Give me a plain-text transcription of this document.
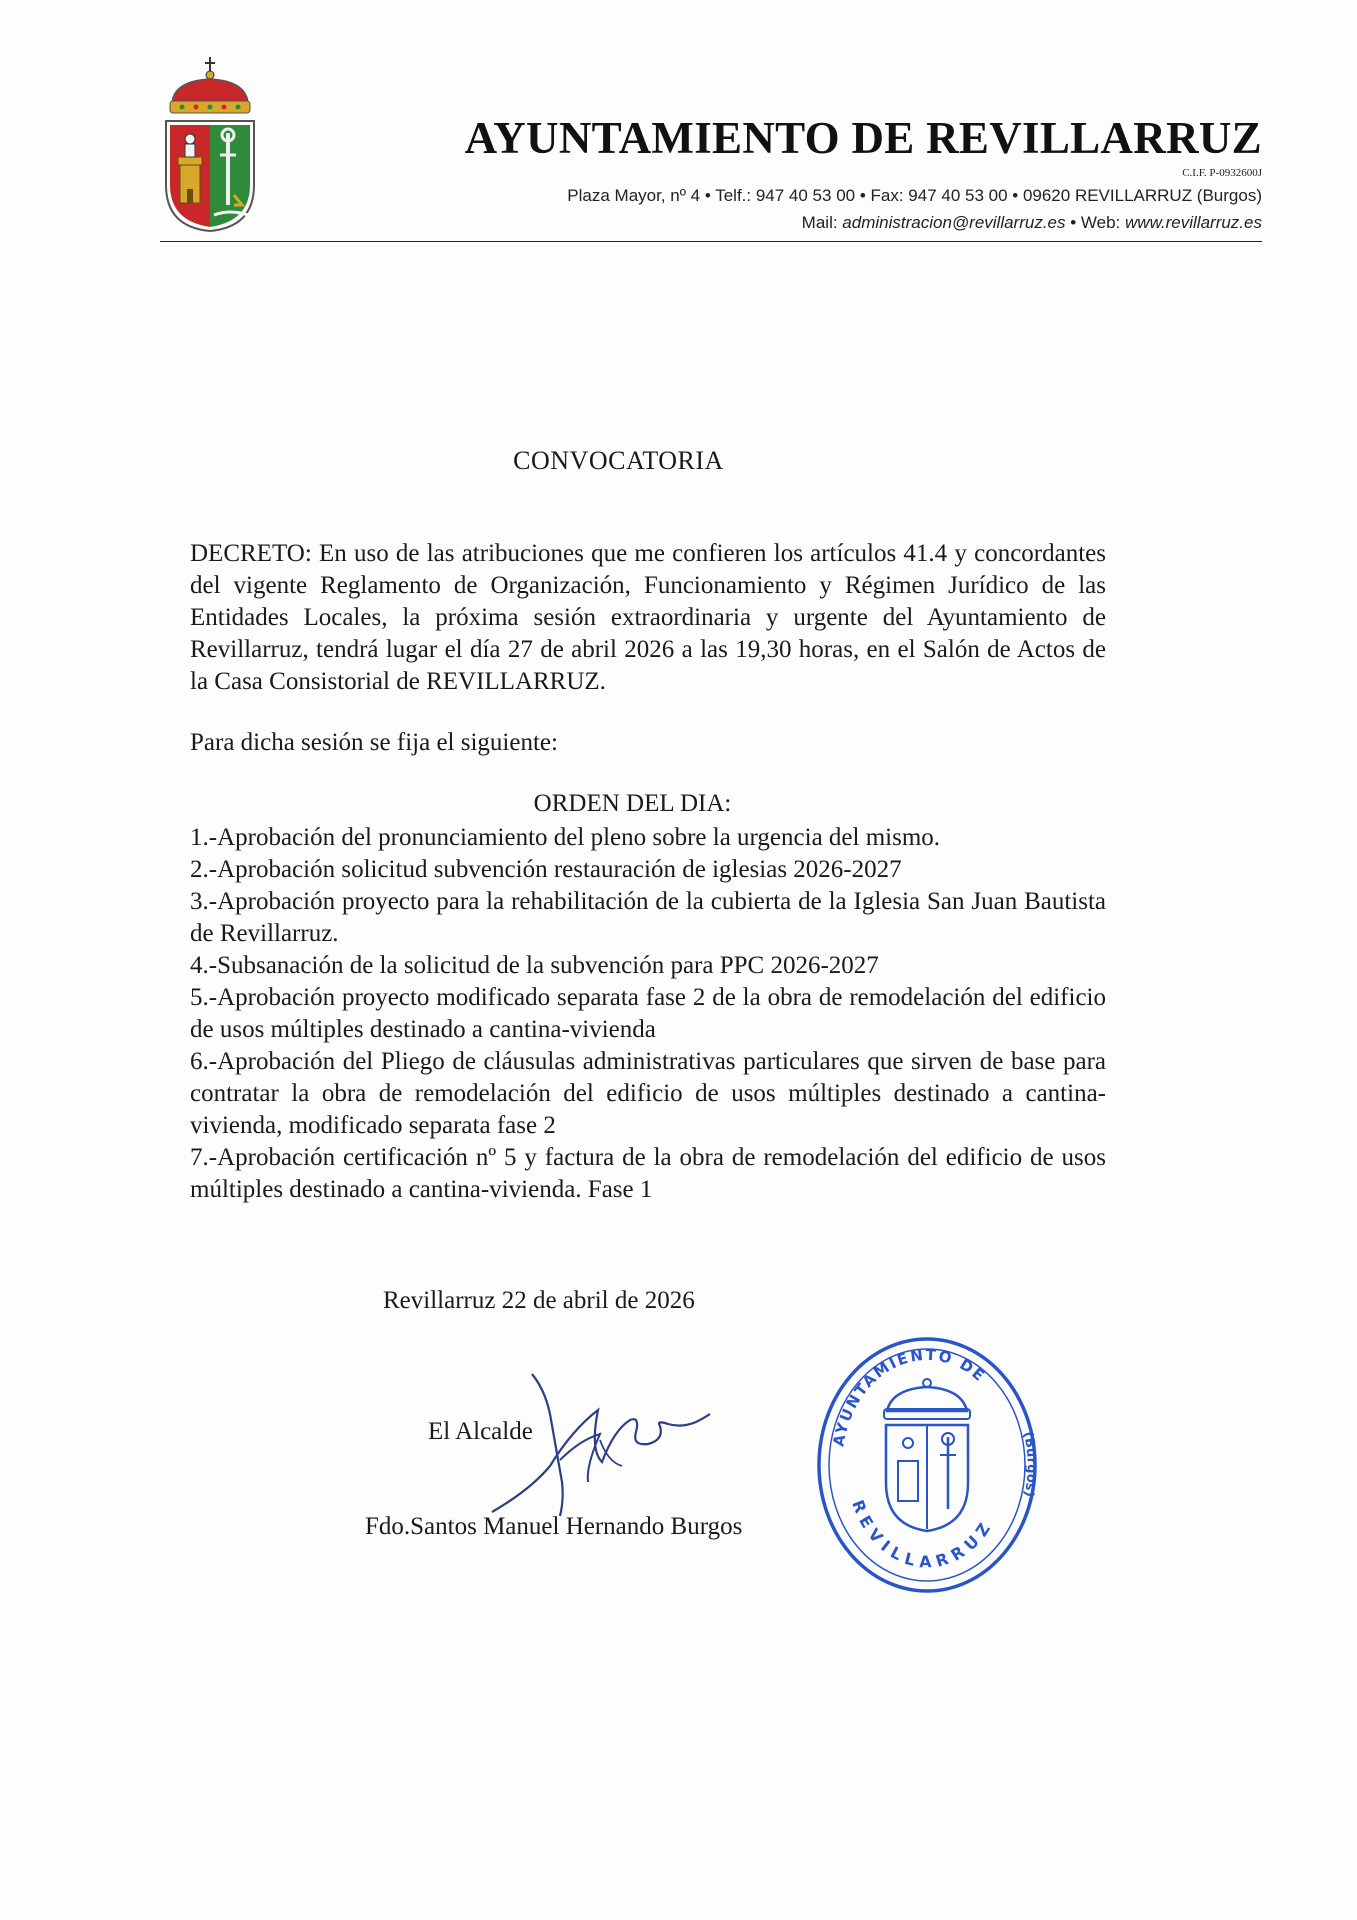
AYUNTAMIENTO DE REVILLARRUZ
C.I.F. P-0932600J
Plaza Mayor, nº 4 • Telf.: 947 40 53 00 • Fax: 947 40 53 00 • 09620 REVILLARRUZ (Burgos)
Mail: administracion@revillarruz.es • Web: www.revillarruz.es
CONVOCATORIA
DECRETO: En uso de las atribuciones que me confieren los artículos 41.4 y concordantes del vigente Reglamento de Organización, Funcionamiento y Régimen Jurídico de las Entidades Locales, la próxima sesión extraordinaria y urgente del Ayuntamiento de Revillarruz, tendrá lugar el día 27 de abril 2026 a las 19,30 horas, en el Salón de Actos de la Casa Consistorial de REVILLARRUZ.
Para dicha sesión se fija el siguiente:
ORDEN DEL DIA:
1.-Aprobación del pronunciamiento del pleno sobre la urgencia del mismo.
2.-Aprobación solicitud subvención restauración de iglesias 2026-2027
3.-Aprobación proyecto para la rehabilitación de la cubierta de la Iglesia San Juan Bautista de Revillarruz.
4.-Subsanación de la solicitud de la subvención para PPC 2026-2027
5.-Aprobación proyecto modificado separata fase 2 de la obra de remodelación del edificio de usos múltiples destinado a cantina-vivienda
6.-Aprobación del Pliego de cláusulas administrativas particulares que sirven de base para contratar la obra de remodelación del edificio de usos múltiples destinado a cantina-vivienda, modificado separata fase 2
7.-Aprobación certificación nº 5 y factura de la obra de remodelación del edificio de usos múltiples destinado a cantina-vivienda. Fase 1
Revillarruz 22 de abril de 2026
El Alcalde
Fdo.Santos Manuel Hernando Burgos
AYUNTAMIENTO DE
REVILLARRUZ
(Burgos)
